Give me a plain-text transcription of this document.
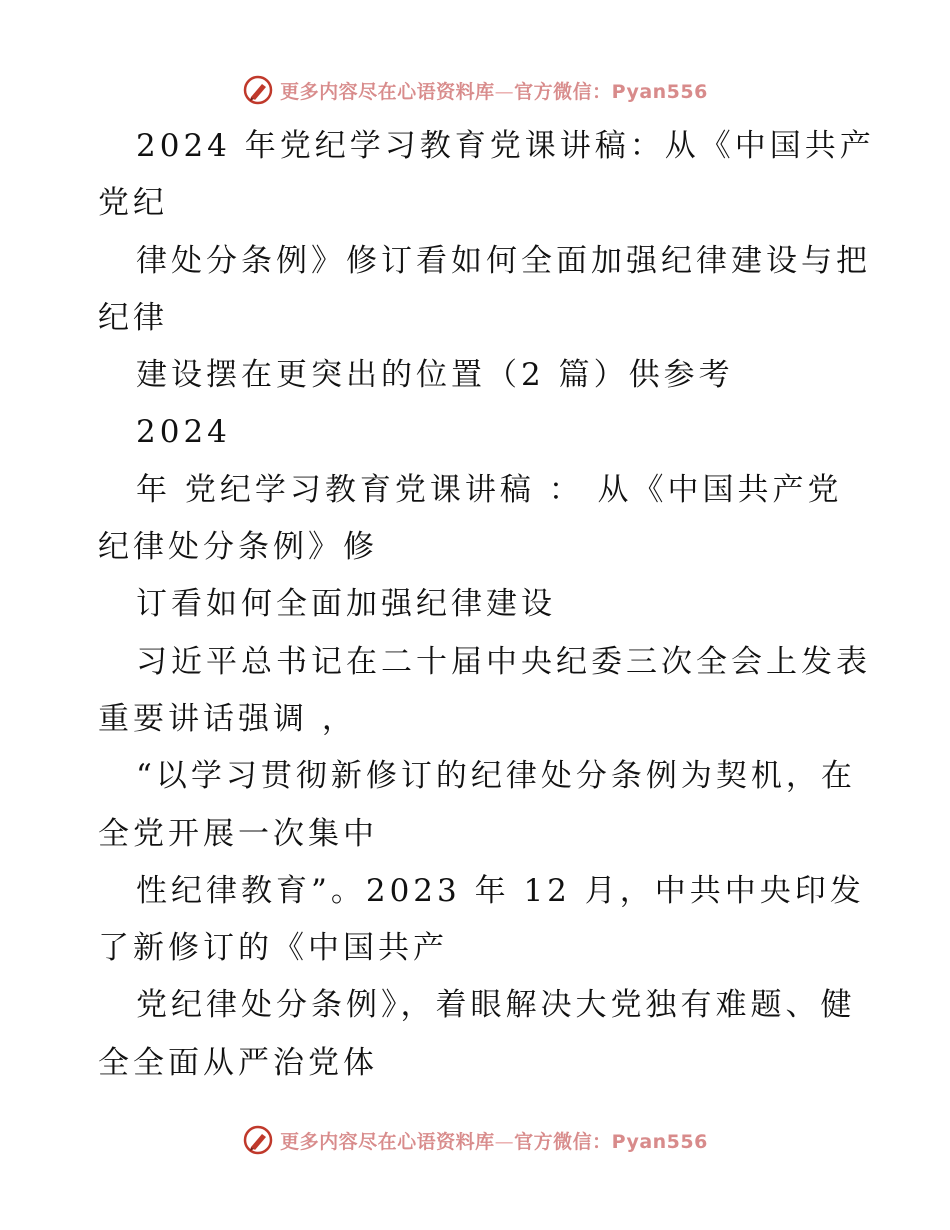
更多内容尽在心语资料库—官方微信：Pyan556
2024 年党纪学习教育党课讲稿：从《中国共产
党纪
律处分条例》修订看如何全面加强纪律建设与把
纪律
建设摆在更突出的位置（2 篇）供参考
2024
年 党纪学习教育党课讲稿 ： 从《中国共产党
纪律处分条例》修
订看如何全面加强纪律建设
习近平总书记在二十届中央纪委三次全会上发表
重要讲话强调 ，
“以学习贯彻新修订的纪律处分条例为契机，在
全党开展一次集中
性纪律教育”。2023 年 12 月，中共中央印发
了新修订的《中国共产
党纪律处分条例》，着眼解决大党独有难题、健
全全面从严治党体
更多内容尽在心语资料库—官方微信：Pyan556
